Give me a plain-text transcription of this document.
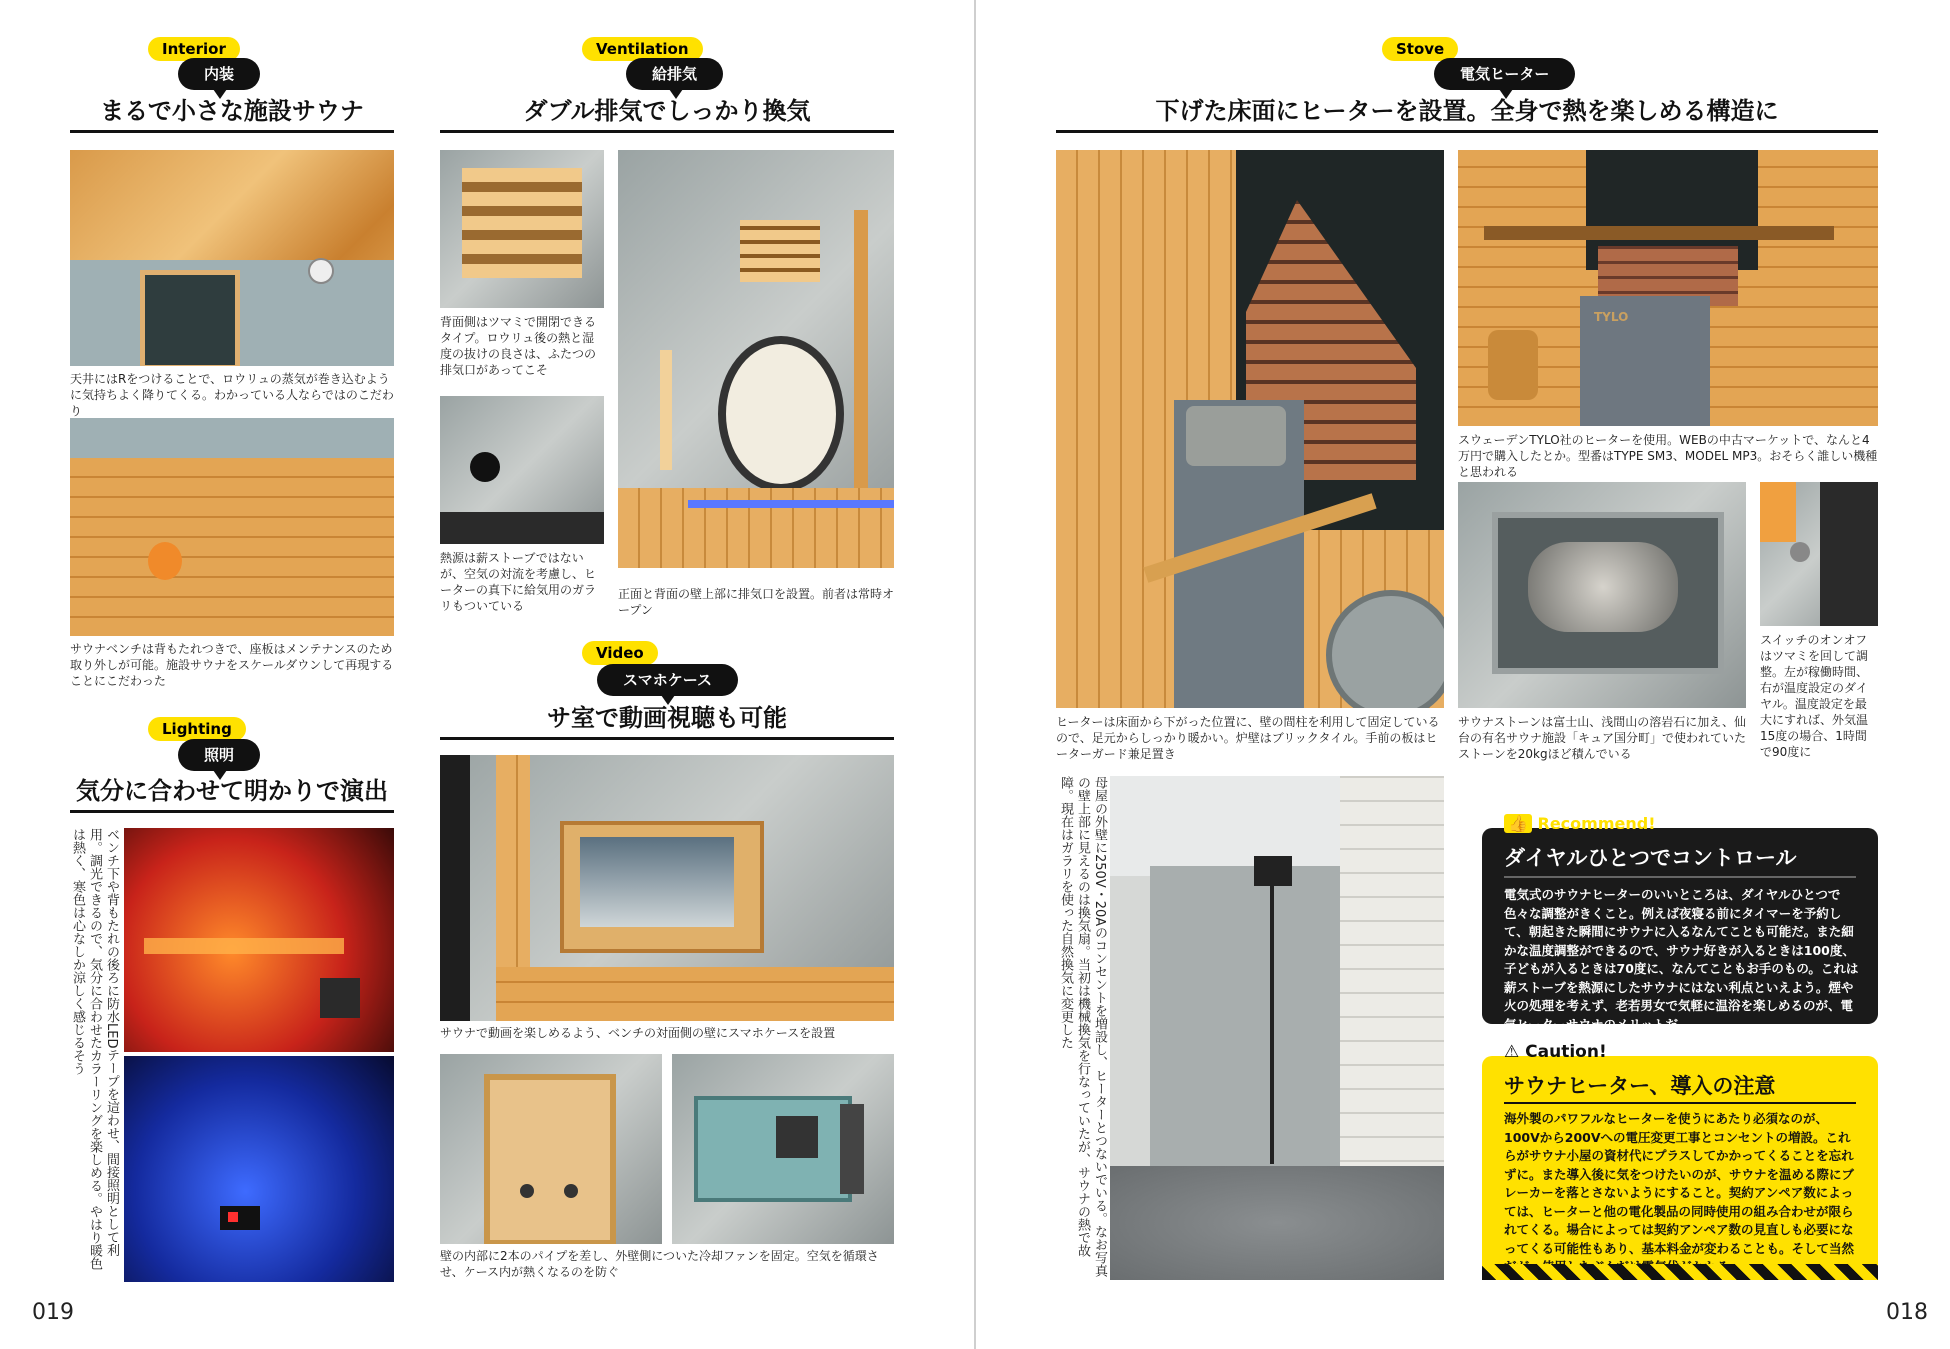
Interior
内装
まるで小さな施設サウナ
天井にはRをつけることで、ロウリュの蒸気が巻き込むように気持ちよく降りてくる。わかっている人ならではのこだわり
サウナベンチは背もたれつきで、座板はメンテナンスのため取り外しが可能。施設サウナをスケールダウンして再現することにこだわった
Ventilation
給排気
ダブル排気でしっかり換気
背面側はツマミで開閉できるタイプ。ロウリュ後の熱と湿度の抜けの良さは、ふたつの排気口があってこそ
熱源は薪ストーブではないが、空気の対流を考慮し、ヒーターの真下に給気用のガラリもついている
正面と背面の壁上部に排気口を設置。前者は常時オープン
Lighting
照明
気分に合わせて明かりで演出
ベンチ下や背もたれの後ろに防水LEDテープを這わせ、間接照明として利用。調光できるので、気分に合わせたカラーリングを楽しめる。やはり暖色は熱く、寒色は心なしか涼しく感じるそう
Video
スマホケース
サ室で動画視聴も可能
サウナで動画を楽しめるよう、ベンチの対面側の壁にスマホケースを設置
壁の内部に2本のパイプを差し、外壁側についた冷却ファンを固定。空気を循環させ、ケース内が熱くなるのを防ぐ
019
Stove
電気ヒーター
下げた床面にヒーターを設置。全身で熱を楽しめる構造に
ヒーターは床面から下がった位置に、壁の間柱を利用して固定しているので、足元からしっかり暖かい。炉壁はブリックタイル。手前の板はヒーターガード兼足置き
TYLO
スウェーデンTYLO社のヒーターを使用。WEBの中古マーケットで、なんと4万円で購入したとか。型番はTYPE SM3、MODEL MP3。おそらく誰しい機種と思われる
サウナストーンは富士山、浅間山の溶岩石に加え、仙台の有名サウナ施設「キュア国分町」で使われていたストーンを20kgほど積んでいる
スイッチのオンオフはツマミを回して調整。左が稼働時間、右が温度設定のダイヤル。温度設定を最大にすれば、外気温15度の場合、1時間で90度に
母屋の外壁に250V・20Aのコンセントを増設し、ヒーターとつないでいる。なお写真の壁上部に見えるのは換気扇。当初は機械換気を行なっていたが、サウナの熱で故障。現在はガラリを使った自然換気に変更した	👍 Recommend!
ダイヤルひとつでコントロール

電気式のサウナヒーターのいいところは、ダイヤルひとつで色々な調整がきくこと。例えば夜寝る前にタイマーを予約して、朝起きた瞬間にサウナに入るなんてことも可能だ。また細かな温度調整ができるので、サウナ好きが入るときは100度、子どもが入るときは70度に、なんてこともお手のもの。これは薪ストーブを熱源にしたサウナにはない利点といえよう。煙や火の処理を考えず、老若男女で気軽に温浴を楽しめるのが、電気ヒーターサウナのメリットだ。

⚠ Caution!
サウナヒーター、導入の注意

海外製のパワフルなヒーターを使うにあたり必須なのが、100Vから200Vへの電圧変更工事とコンセントの増設。これらがサウナ小屋の資材代にプラスしてかかってくることを忘れずに。また導入後に気をつけたいのが、サウナを温める際にブレーカーを落とさないようにすること。契約アンペア数によっては、ヒーターと他の電化製品の同時使用の組み合わせが限られてくる。場合によっては契約アンペア数の見直しも必要になってくる可能性もあり、基本料金が変わることも。そして当然

018
